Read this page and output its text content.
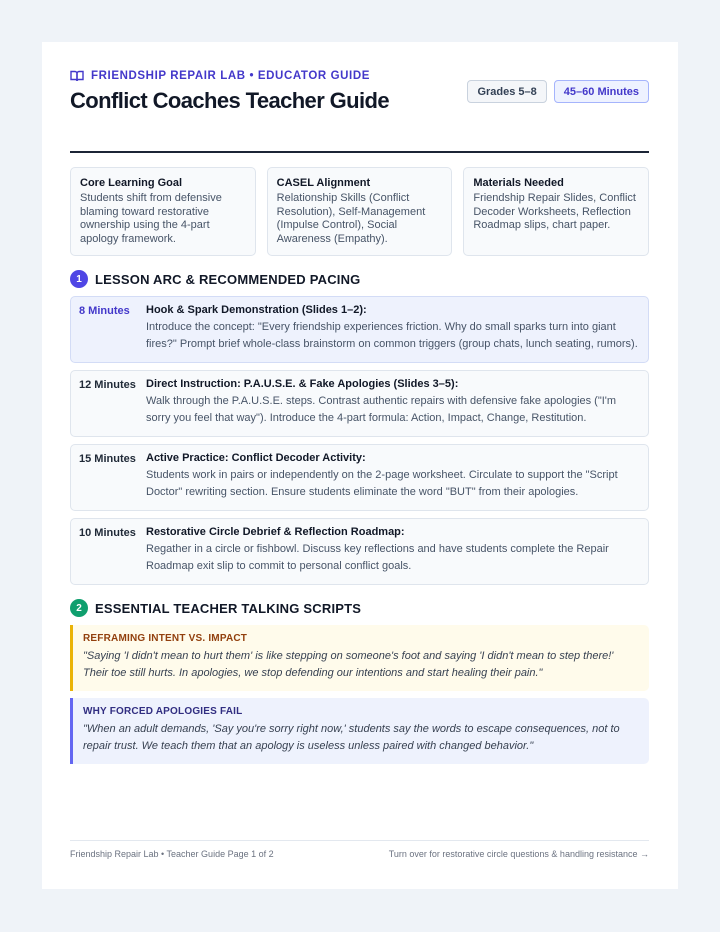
FRIENDSHIP REPAIR LAB • EDUCATOR GUIDE
Conflict Coaches Teacher Guide	Grades 5–8	45–60 Minutes
Core Learning Goal
Students shift from defensive blaming toward restorative ownership using the 4-part apology framework.
CASEL Alignment
Relationship Skills (Conflict Resolution), Self-Management (Impulse Control), Social Awareness (Empathy).
Materials Needed
Friendship Repair Slides, Conflict Decoder Worksheets, Reflection Roadmap slips, chart paper.
1	LESSON ARC & RECOMMENDED PACING
8 Minutes	Hook & Spark Demonstration (Slides 1–2):
Introduce the concept: "Every friendship experiences friction. Why do small sparks turn into giant fires?" Prompt brief whole-class brainstorm on common triggers (group chats, lunch seating, rumors).
12 Minutes Direct Instruction: P.A.U.S.E. & Fake Apologies (Slides 3–5):
Walk through the P.A.U.S.E. steps. Contrast authentic repairs with defensive fake apologies ("I'm sorry you feel that way"). Introduce the 4-part formula: Action, Impact, Change, Restitution.
15 Minutes Active Practice: Conflict Decoder Activity:
Students work in pairs or independently on the 2-page worksheet. Circulate to support the "Script Doctor" rewriting section. Ensure students eliminate the word "BUT" from their apologies.
10 Minutes Restorative Circle Debrief & Reflection Roadmap:
Regather in a circle or fishbowl. Discuss key reflections and have students complete the Repair Roadmap exit slip to commit to personal conflict goals.
2	ESSENTIAL TEACHER TALKING SCRIPTS
REFRAMING INTENT VS. IMPACT
"Saying 'I didn't mean to hurt them' is like stepping on someone's foot and saying 'I didn't mean to step there!' Their toe still hurts. In apologies, we stop defending our intentions and start healing their pain."
WHY FORCED APOLOGIES FAIL
"When an adult demands, 'Say you're sorry right now,' students say the words to escape consequences, not to repair trust. We teach them that an apology is useless unless paired with changed behavior."
Friendship Repair Lab • Teacher Guide Page 1 of 2	Turn over for restorative circle questions & handling resistance →
